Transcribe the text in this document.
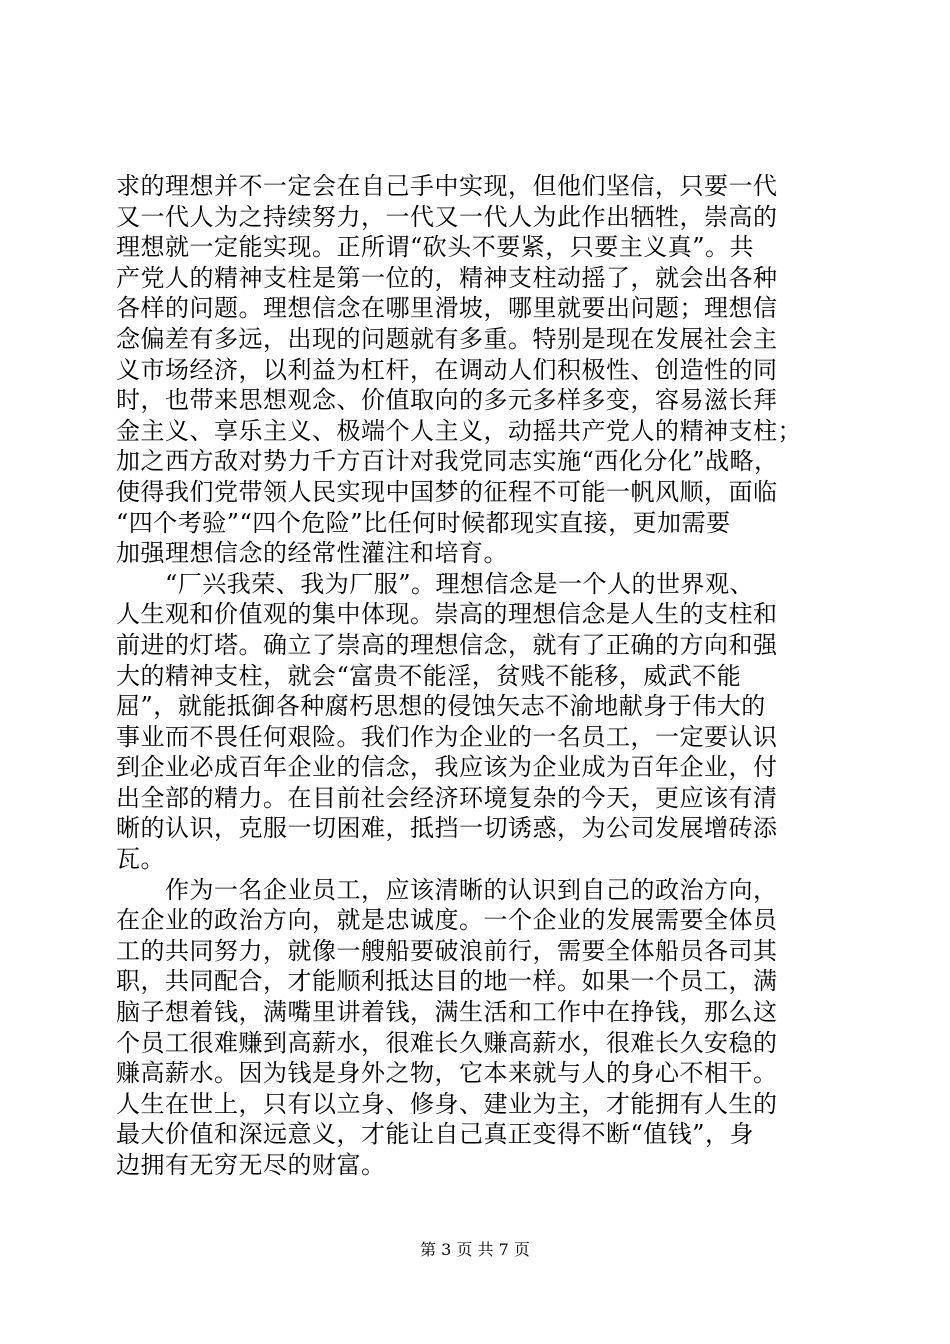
求的理想并不一定会在自己手中实现，但他们坚信，只要一代
又一代人为之持续努力，一代又一代人为此作出牺牲，崇高的
理想就一定能实现。正所谓“砍头不要紧，只要主义真”。共
产党人的精神支柱是第一位的，精神支柱动摇了，就会出各种
各样的问题。理想信念在哪里滑坡，哪里就要出问题；理想信
念偏差有多远，出现的问题就有多重。特别是现在发展社会主
义市场经济，以利益为杠杆，在调动人们积极性、创造性的同
时，也带来思想观念、价值取向的多元多样多变，容易滋长拜
金主义、享乐主义、极端个人主义，动摇共产党人的精神支柱；
加之西方敌对势力千方百计对我党同志实施“西化分化”战略，
使得我们党带领人民实现中国梦的征程不可能一帆风顺，面临
“四个考验”“四个危险”比任何时候都现实直接，更加需要
加强理想信念的经常性灌注和培育。
　　“厂兴我荣、我为厂服”。理想信念是一个人的世界观、
人生观和价值观的集中体现。崇高的理想信念是人生的支柱和
前进的灯塔。确立了崇高的理想信念，就有了正确的方向和强
大的精神支柱，就会“富贵不能淫，贫贱不能移，威武不能
屈”，就能抵御各种腐朽思想的侵蚀矢志不渝地献身于伟大的
事业而不畏任何艰险。我们作为企业的一名员工，一定要认识
到企业必成百年企业的信念，我应该为企业成为百年企业，付
出全部的精力。在目前社会经济环境复杂的今天，更应该有清
晰的认识，克服一切困难，抵挡一切诱惑，为公司发展增砖添
瓦。
　　作为一名企业员工，应该清晰的认识到自己的政治方向，
在企业的政治方向，就是忠诚度。一个企业的发展需要全体员
工的共同努力，就像一艘船要破浪前行，需要全体船员各司其
职，共同配合，才能顺利抵达目的地一样。如果一个员工，满
脑子想着钱，满嘴里讲着钱，满生活和工作中在挣钱，那么这
个员工很难赚到高薪水，很难长久赚高薪水，很难长久安稳的
赚高薪水。因为钱是身外之物，它本来就与人的身心不相干。
人生在世上，只有以立身、修身、建业为主，才能拥有人生的
最大价值和深远意义，才能让自己真正变得不断“值钱”，身
边拥有无穷无尽的财富。
第 3 页 共 7 页
